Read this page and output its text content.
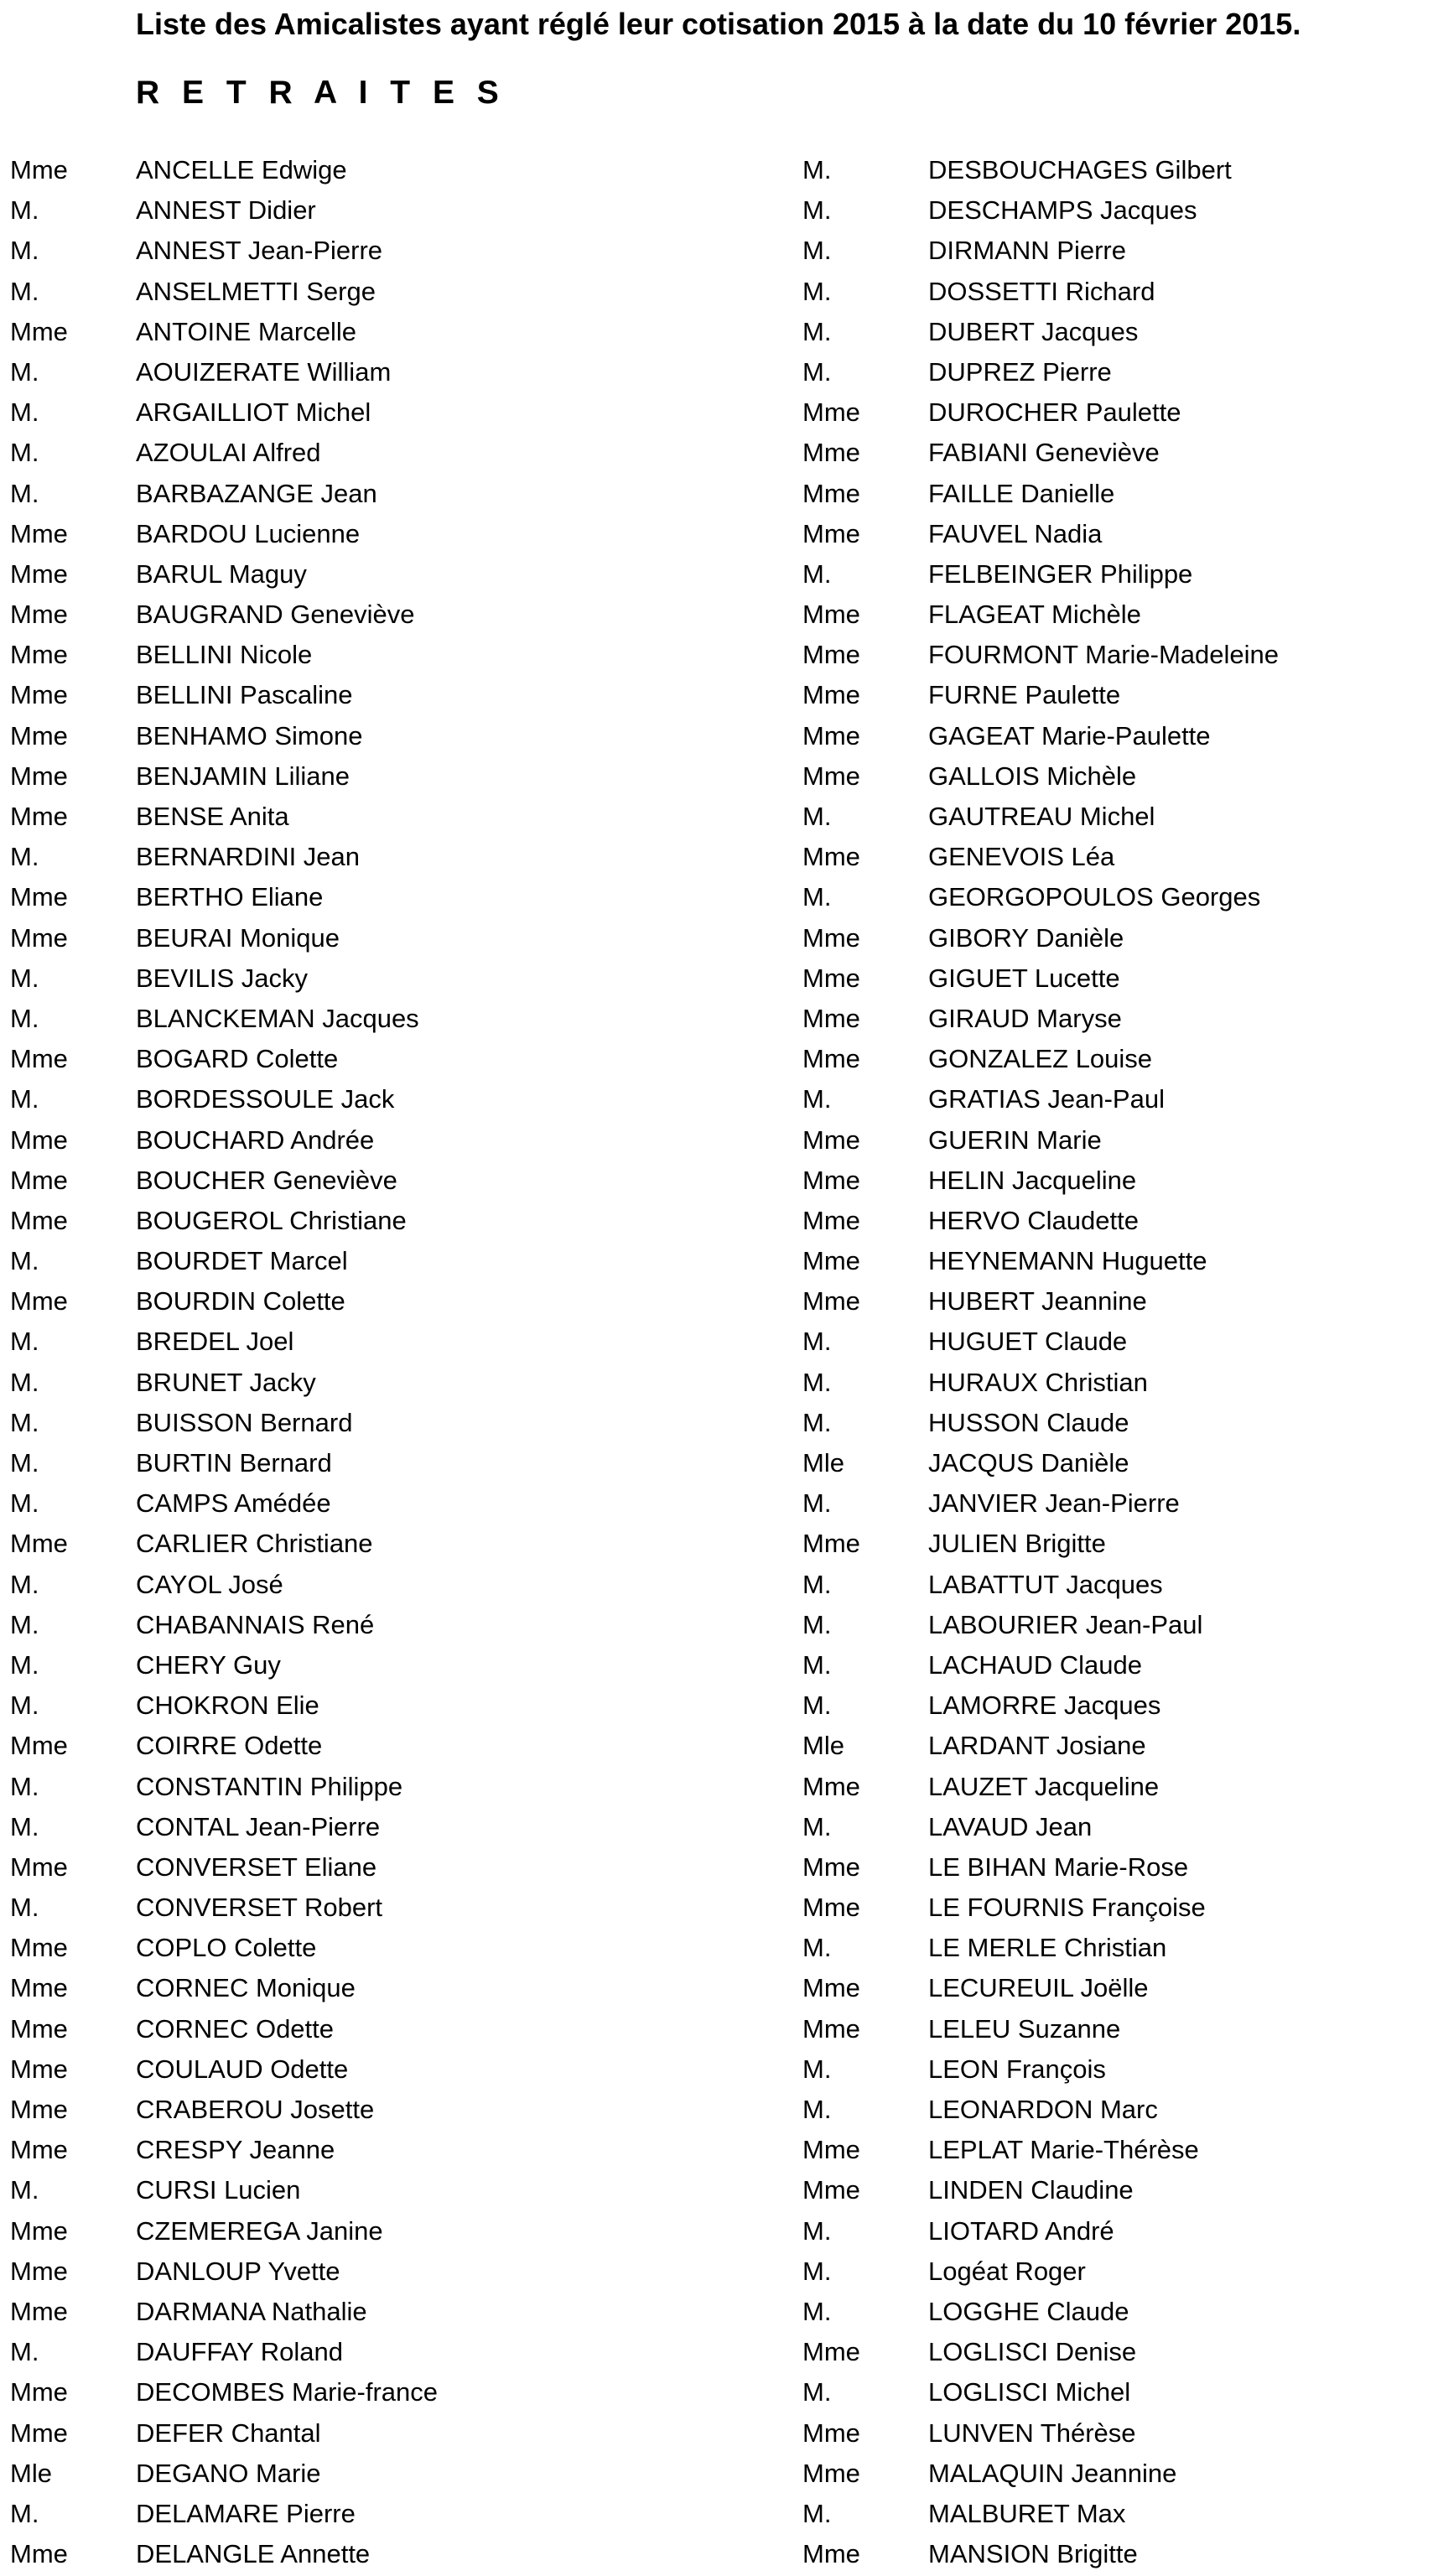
Liste des Amicalistes ayant réglé leur cotisation 2015 à la date du 10 février 2015.
R E T R A I T E S
Mme	ANCELLE Edwige
M.	ANNEST Didier
M.	ANNEST Jean-Pierre
M.	ANSELMETTI Serge
Mme	ANTOINE Marcelle
M.	AOUIZERATE William
M.	ARGAILLIOT Michel
M.	AZOULAI Alfred
M.	BARBAZANGE Jean
Mme	BARDOU Lucienne
Mme	BARUL Maguy
Mme	BAUGRAND Geneviève
Mme	BELLINI Nicole
Mme	BELLINI Pascaline
Mme	BENHAMO Simone
Mme	BENJAMIN Liliane
Mme	BENSE Anita
M.	BERNARDINI Jean
Mme	BERTHO Eliane
Mme	BEURAI Monique
M.	BEVILIS Jacky
M.	BLANCKEMAN Jacques
Mme	BOGARD Colette
M.	BORDESSOULE Jack
Mme	BOUCHARD Andrée
Mme	BOUCHER Geneviève
Mme	BOUGEROL Christiane
M.	BOURDET Marcel
Mme	BOURDIN Colette
M.	BREDEL Joel
M.	BRUNET Jacky
M.	BUISSON Bernard
M.	BURTIN Bernard
M.	CAMPS Amédée
Mme	CARLIER Christiane
M.	CAYOL José
M.	CHABANNAIS René
M.	CHERY Guy
M.	CHOKRON Elie
Mme	COIRRE Odette
M.	CONSTANTIN Philippe
M.	CONTAL Jean-Pierre
Mme	CONVERSET Eliane
M.	CONVERSET Robert
Mme	COPLO Colette
Mme	CORNEC Monique
Mme	CORNEC Odette
Mme	COULAUD Odette
Mme	CRABEROU Josette
Mme	CRESPY Jeanne
M.	CURSI Lucien
Mme	CZEMEREGA Janine
Mme	DANLOUP Yvette
Mme	DARMANA Nathalie
M.	DAUFFAY Roland
Mme	DECOMBES Marie-france
Mme	DEFER Chantal
Mle	DEGANO Marie
M.	DELAMARE Pierre
Mme	DELANGLE Annette
M.	DESBOUCHAGES Gilbert
M.	DESCHAMPS Jacques
M.	DIRMANN Pierre
M.	DOSSETTI Richard
M.	DUBERT Jacques
M.	DUPREZ Pierre
Mme	DUROCHER Paulette
Mme	FABIANI Geneviève
Mme	FAILLE Danielle
Mme	FAUVEL Nadia
M.	FELBEINGER Philippe
Mme	FLAGEAT Michèle
Mme	FOURMONT Marie-Madeleine
Mme	FURNE Paulette
Mme	GAGEAT Marie-Paulette
Mme	GALLOIS Michèle
M.	GAUTREAU Michel
Mme	GENEVOIS Léa
M.	GEORGOPOULOS Georges
Mme	GIBORY Danièle
Mme	GIGUET Lucette
Mme	GIRAUD Maryse
Mme	GONZALEZ Louise
M.	GRATIAS Jean-Paul
Mme	GUERIN Marie
Mme	HELIN Jacqueline
Mme	HERVO Claudette
Mme	HEYNEMANN Huguette
Mme	HUBERT Jeannine
M.	HUGUET Claude
M.	HURAUX Christian
M.	HUSSON Claude
Mle	JACQUS Danièle
M.	JANVIER Jean-Pierre
Mme	JULIEN Brigitte
M.	LABATTUT Jacques
M.	LABOURIER Jean-Paul
M.	LACHAUD Claude
M.	LAMORRE Jacques
Mle	LARDANT Josiane
Mme	LAUZET Jacqueline
M.	LAVAUD Jean
Mme	LE BIHAN Marie-Rose
Mme	LE FOURNIS Françoise
M.	LE MERLE Christian
Mme	LECUREUIL Joëlle
Mme	LELEU Suzanne
M.	LEON François
M.	LEONARDON Marc
Mme	LEPLAT Marie-Thérèse
Mme	LINDEN Claudine
M.	LIOTARD André
M.	Logéat Roger
M.	LOGGHE Claude
Mme	LOGLISCI Denise
M.	LOGLISCI Michel
Mme	LUNVEN Thérèse
Mme	MALAQUIN Jeannine
M.	MALBURET Max
Mme	MANSION Brigitte
